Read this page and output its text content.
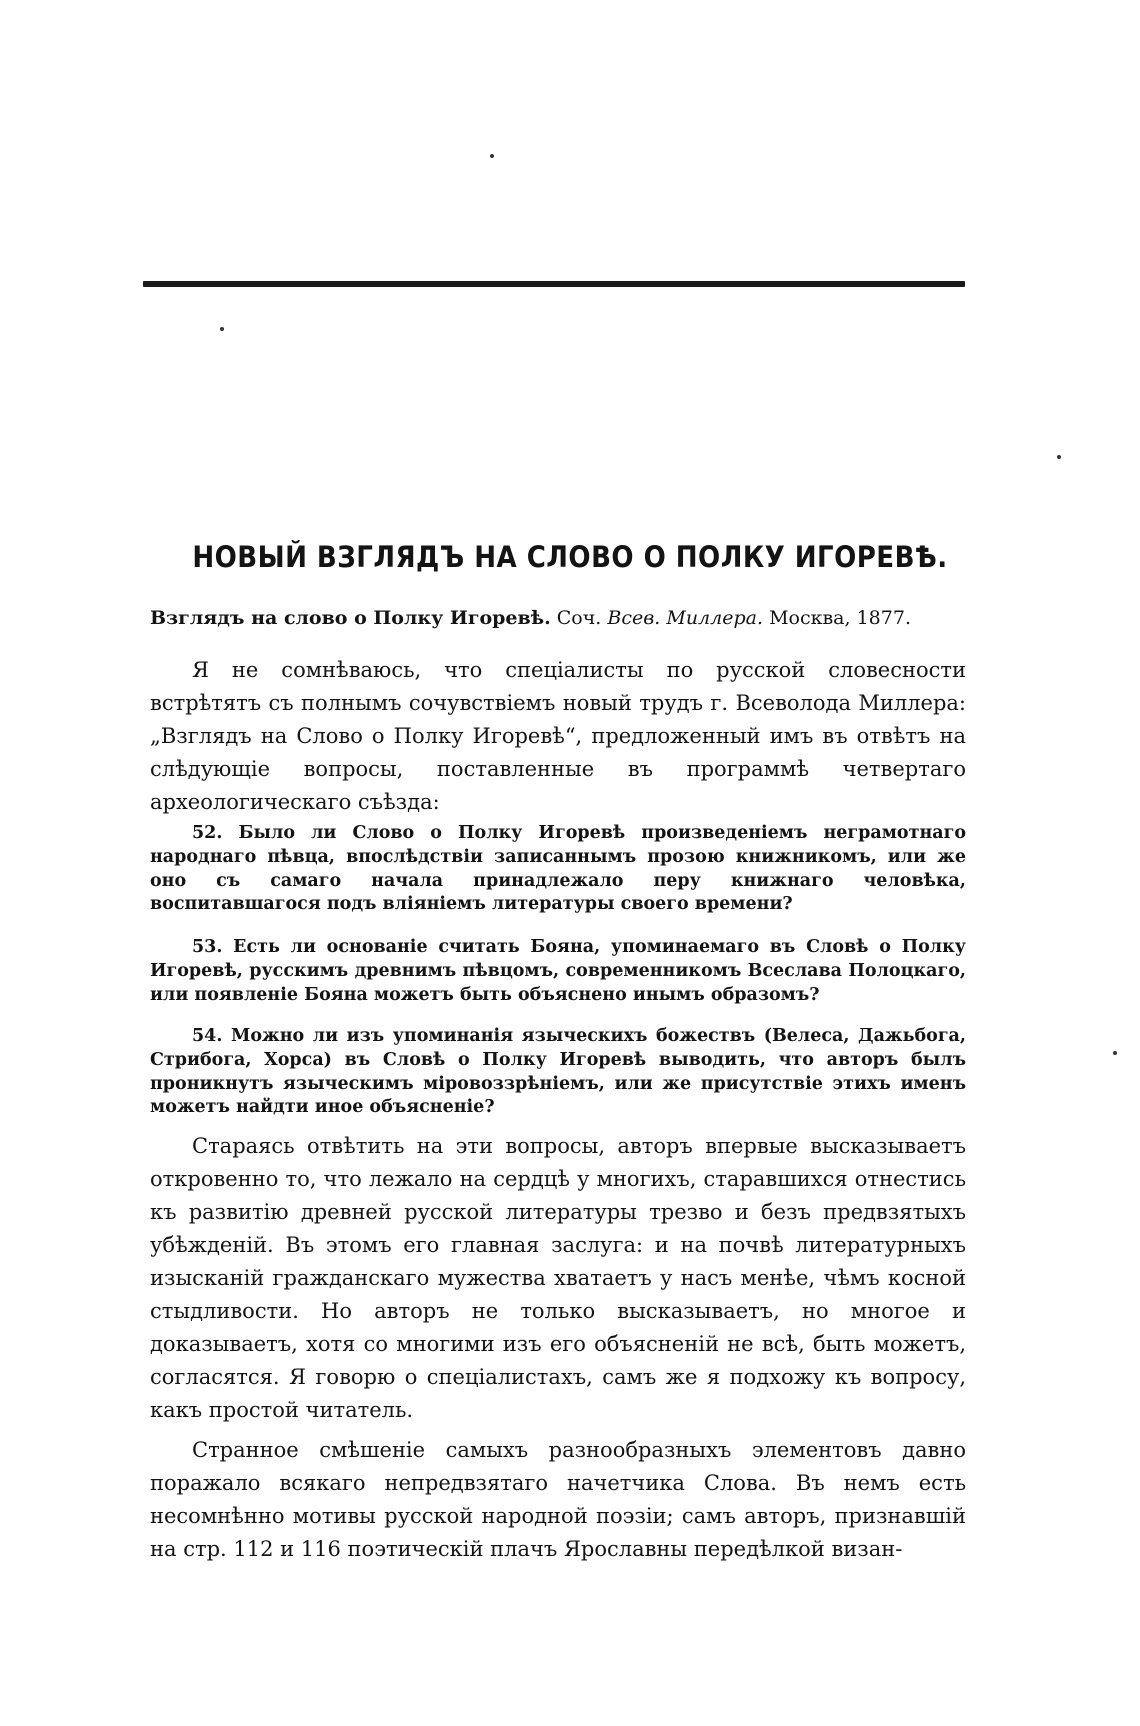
НОВЫЙ ВЗГЛЯДЪ НА СЛОВО О ПОЛКУ ИГОРЕВѢ.
Взглядъ на слово о Полку Игоревѣ. Соч. Всев. Миллера. Москва, 1877.

Я не сомнѣваюсь, что спеціалисты по русской словесности встрѣтятъ съ полнымъ сочувствіемъ новый трудъ г. Всеволода Миллера: „Взглядъ на Слово о Полку Игоревѣ“, предложенный имъ въ отвѣтъ на слѣдующіе вопросы, поставленные въ программѣ четвертаго археологическаго съѣзда:

52. Было ли Слово о Полку Игоревѣ произведеніемъ неграмотнаго народнаго пѣвца, впослѣдствіи записаннымъ прозою книжникомъ, или же оно съ самаго начала принадлежало перу книжнаго человѣка, воспитавшагося подъ вліяніемъ литературы своего времени?

53. Есть ли основаніе считать Бояна, упоминаемаго въ Словѣ о Полку Игоревѣ, русскимъ древнимъ пѣвцомъ, современникомъ Всеслава Полоцкаго, или появленіе Бояна можетъ быть объяснено инымъ образомъ?

54. Можно ли изъ упоминанія языческихъ божествъ (Велеса, Дажьбога, Стрибога, Хорса) въ Словѣ о Полку Игоревѣ выводить, что авторъ былъ проникнутъ языческимъ міровоззрѣніемъ, или же присутствіе этихъ именъ можетъ найдти иное объясненіе?

Стараясь отвѣтить на эти вопросы, авторъ впервые высказываетъ откровенно то, что лежало на сердцѣ у многихъ, старавшихся отнестись къ развитію древней русской литературы трезво и безъ предвзятыхъ убѣжденій. Въ этомъ его главная заслуга: и на почвѣ литературныхъ изысканій гражданскаго мужества хватаетъ у насъ менѣе, чѣмъ косной стыдливости. Но авторъ не только высказываетъ, но многое и доказываетъ, хотя со многими изъ его объясненій не всѣ, быть можетъ, согласятся. Я говорю о спеціалистахъ, самъ же я подхожу къ вопросу, какъ простой читатель.

Странное смѣшеніе самыхъ разнообразныхъ элементовъ давно поражало всякаго непредвзятаго начетчика Слова. Въ немъ есть несомнѣнно мотивы русской народной поэзіи; самъ авторъ, признавшій на стр. 112 и 116 поэтическій плачъ Ярославны передѣлкой визан-
